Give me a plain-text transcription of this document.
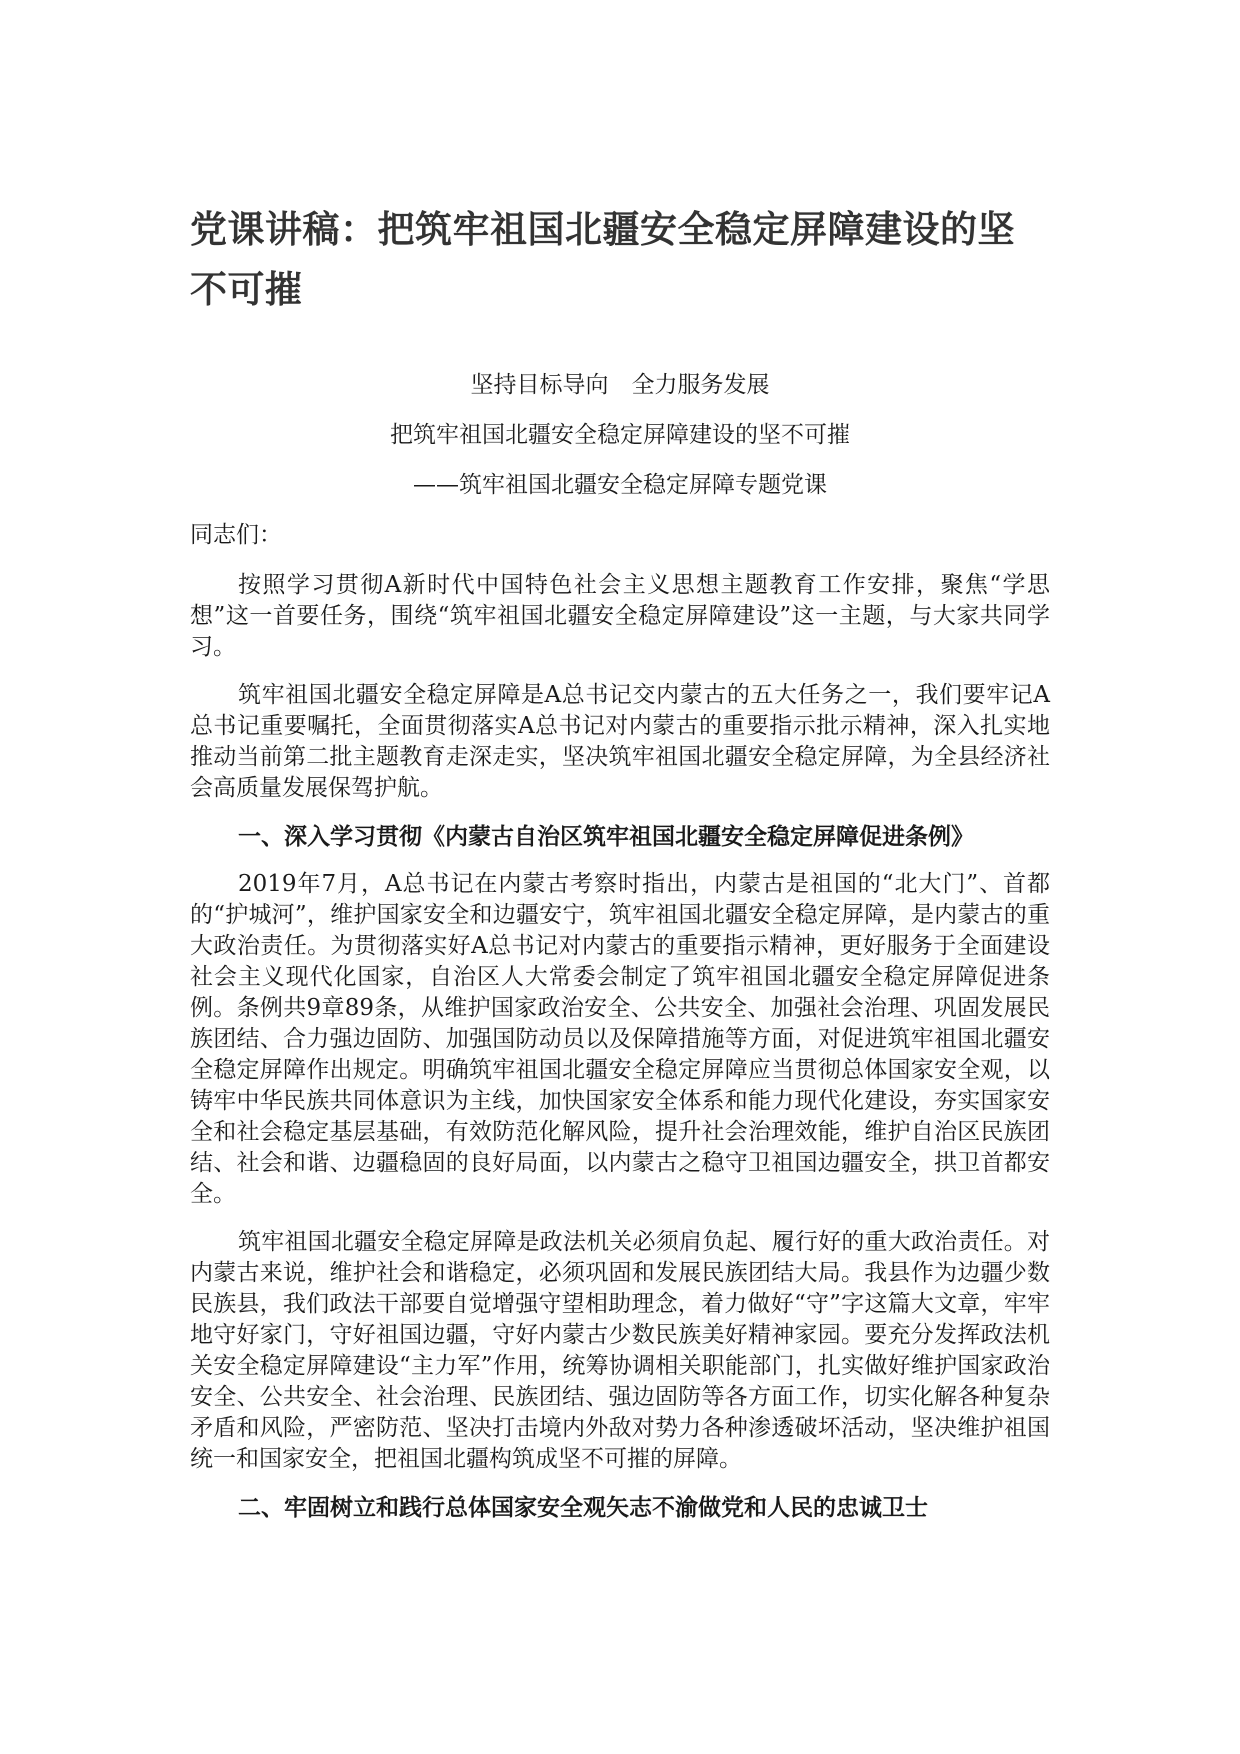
党课讲稿：把筑牢祖国北疆安全稳定屏障建设的坚不可摧

坚持目标导向　全力服务发展

把筑牢祖国北疆安全稳定屏障建设的坚不可摧

——筑牢祖国北疆安全稳定屏障专题党课

同志们：

按照学习贯彻A新时代中国特色社会主义思想主题教育工作安排，聚焦“学思想”这一首要任务，围绕“筑牢祖国北疆安全稳定屏障建设”这一主题，与大家共同学习。

筑牢祖国北疆安全稳定屏障是A总书记交内蒙古的五大任务之一，我们要牢记A总书记重要嘱托，全面贯彻落实A总书记对内蒙古的重要指示批示精神，深入扎实地推动当前第二批主题教育走深走实，坚决筑牢祖国北疆安全稳定屏障，为全县经济社会高质量发展保驾护航。

一、深入学习贯彻《内蒙古自治区筑牢祖国北疆安全稳定屏障促进条例》

2019年7月，A总书记在内蒙古考察时指出，内蒙古是祖国的“北大门”、首都的“护城河”，维护国家安全和边疆安宁，筑牢祖国北疆安全稳定屏障，是内蒙古的重大政治责任。为贯彻落实好A总书记对内蒙古的重要指示精神，更好服务于全面建设社会主义现代化国家，自治区人大常委会制定了筑牢祖国北疆安全稳定屏障促进条例。条例共9章89条，从维护国家政治安全、公共安全、加强社会治理、巩固发展民族团结、合力强边固防、加强国防动员以及保障措施等方面，对促进筑牢祖国北疆安全稳定屏障作出规定。明确筑牢祖国北疆安全稳定屏障应当贯彻总体国家安全观，以铸牢中华民族共同体意识为主线，加快国家安全体系和能力现代化建设，夯实国家安全和社会稳定基层基础，有效防范化解风险，提升社会治理效能，维护自治区民族团结、社会和谐、边疆稳固的良好局面，以内蒙古之稳守卫祖国边疆安全，拱卫首都安全。

筑牢祖国北疆安全稳定屏障是政法机关必须肩负起、履行好的重大政治责任。对内蒙古来说，维护社会和谐稳定，必须巩固和发展民族团结大局。我县作为边疆少数民族县，我们政法干部要自觉增强守望相助理念，着力做好“守”字这篇大文章，牢牢地守好家门，守好祖国边疆，守好内蒙古少数民族美好精神家园。要充分发挥政法机关安全稳定屏障建设“主力军”作用，统筹协调相关职能部门，扎实做好维护国家政治安全、公共安全、社会治理、民族团结、强边固防等各方面工作，切实化解各种复杂矛盾和风险，严密防范、坚决打击境内外敌对势力各种渗透破坏活动，坚决维护祖国统一和国家安全，把祖国北疆构筑成坚不可摧的屏障。

二、牢固树立和践行总体国家安全观矢志不渝做党和人民的忠诚卫士
